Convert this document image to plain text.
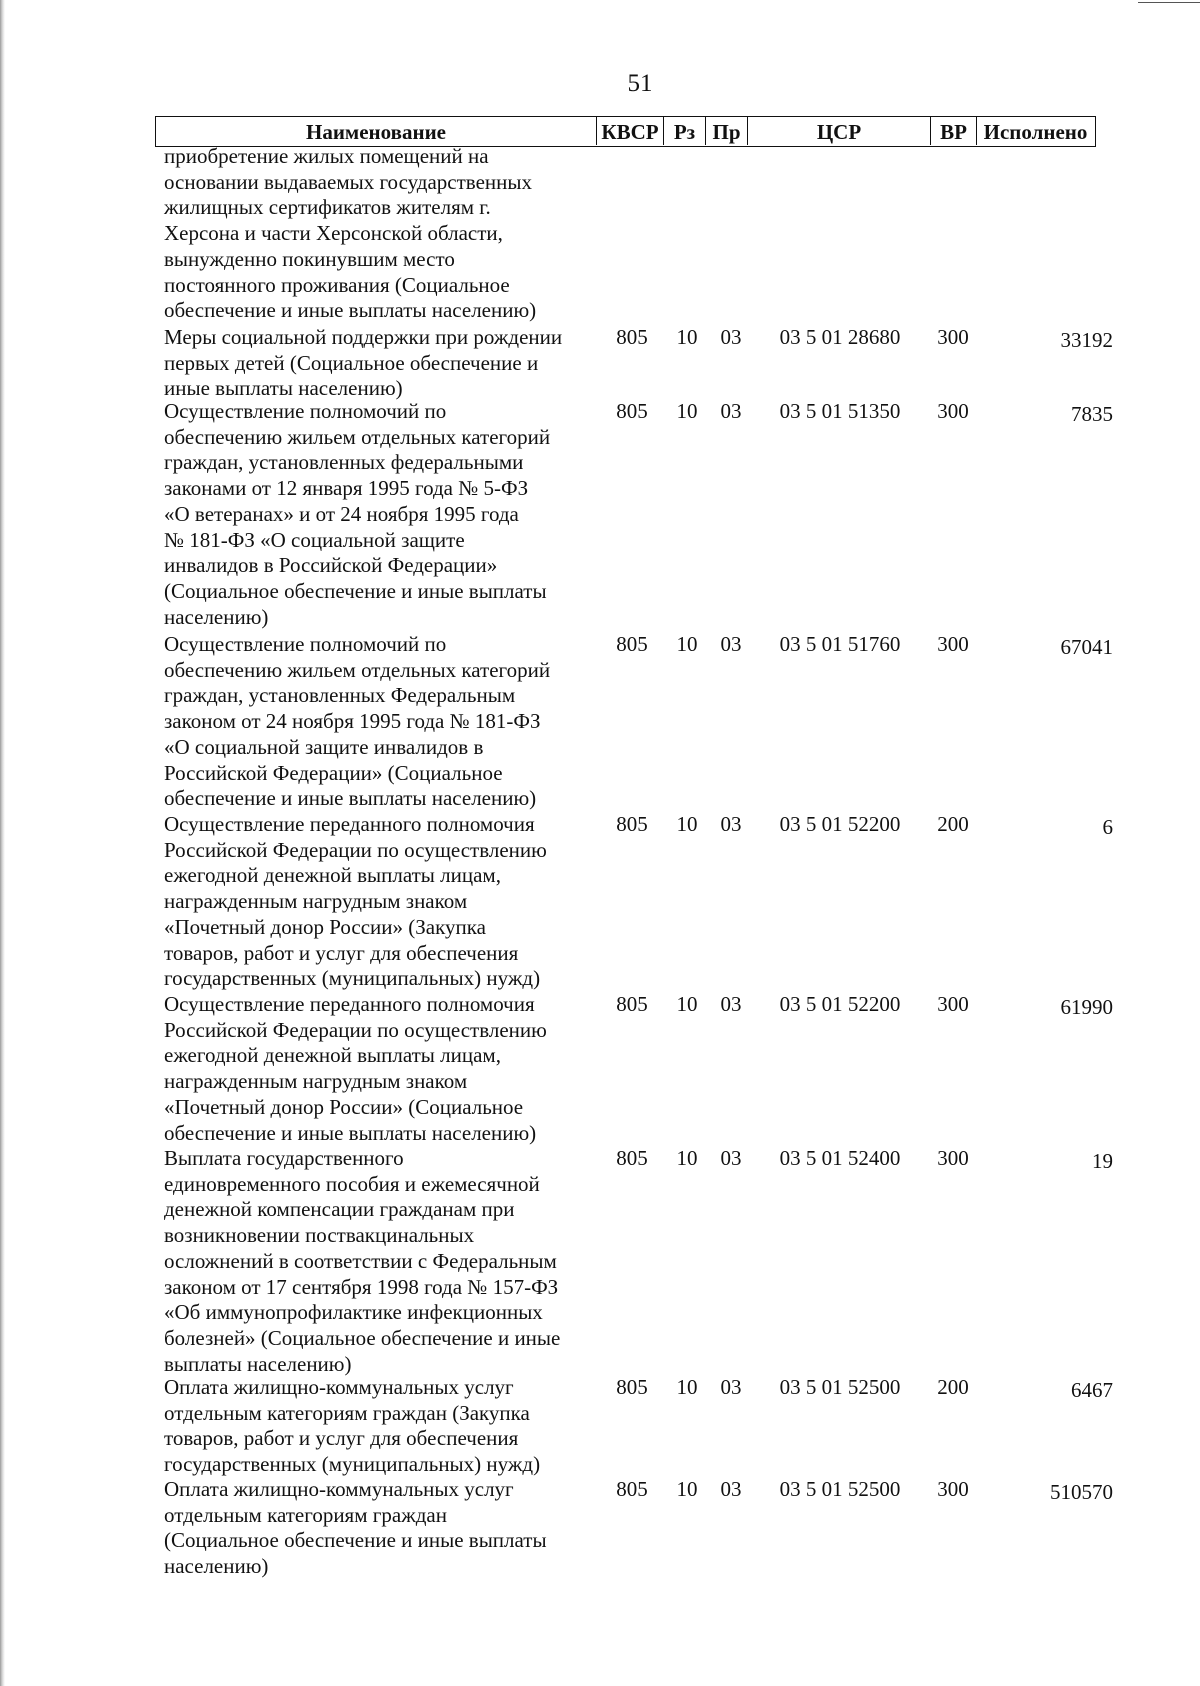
51
Наименование	КВСР Рз Пр	ЦСР	ВР Исполнено
приобретение жилых помещений на
основании выдаваемых государственных
жилищных сертификатов жителям г.
Херсона и части Херсонской области,
вынужденно покинувшим место
постоянного проживания (Социальное
обеспечение и иные выплаты населению)
Меры социальной поддержки при рождении
первых детей (Социальное обеспечение и
иные выплаты населению)
805 10 03	03 5 01 28680	300	33192
Осуществление полномочий по
обеспечению жильем отдельных категорий
граждан, установленных федеральными
законами от 12 января 1995 года № 5-ФЗ
«О ветеранах» и от 24 ноября 1995 года
№ 181-ФЗ «О социальной защите
инвалидов в Российской Федерации»
(Социальное обеспечение и иные выплаты
населению)
805 10 03	03 5 01 51350	300	7835
Осуществление полномочий по
обеспечению жильем отдельных категорий
граждан, установленных Федеральным
законом от 24 ноября 1995 года № 181-ФЗ
«О социальной защите инвалидов в
Российской Федерации» (Социальное
обеспечение и иные выплаты населению)
805 10 03	03 5 01 51760	300	67041
Осуществление переданного полномочия
Российской Федерации по осуществлению
ежегодной денежной выплаты лицам,
награжденным нагрудным знаком
«Почетный донор России» (Закупка
товаров, работ и услуг для обеспечения
государственных (муниципальных) нужд)
805 10 03	03 5 01 52200	200	6
Осуществление переданного полномочия
Российской Федерации по осуществлению
ежегодной денежной выплаты лицам,
награжденным нагрудным знаком
«Почетный донор России» (Социальное
обеспечение и иные выплаты населению)
805 10 03	03 5 01 52200	300	61990
Выплата государственного
единовременного пособия и ежемесячной
денежной компенсации гражданам при
возникновении поствакцинальных
осложнений в соответствии с Федеральным
законом от 17 сентября 1998 года № 157-ФЗ
«Об иммунопрофилактике инфекционных
болезней» (Социальное обеспечение и иные
выплаты населению)
805 10 03	03 5 01 52400	300	19
Оплата жилищно-коммунальных услуг
отдельным категориям граждан (Закупка
товаров, работ и услуг для обеспечения
государственных (муниципальных) нужд)
805 10 03	03 5 01 52500	200	6467
Оплата жилищно-коммунальных услуг
отдельным категориям граждан
(Социальное обеспечение и иные выплаты
населению)
805 10 03	03 5 01 52500	300	510570
